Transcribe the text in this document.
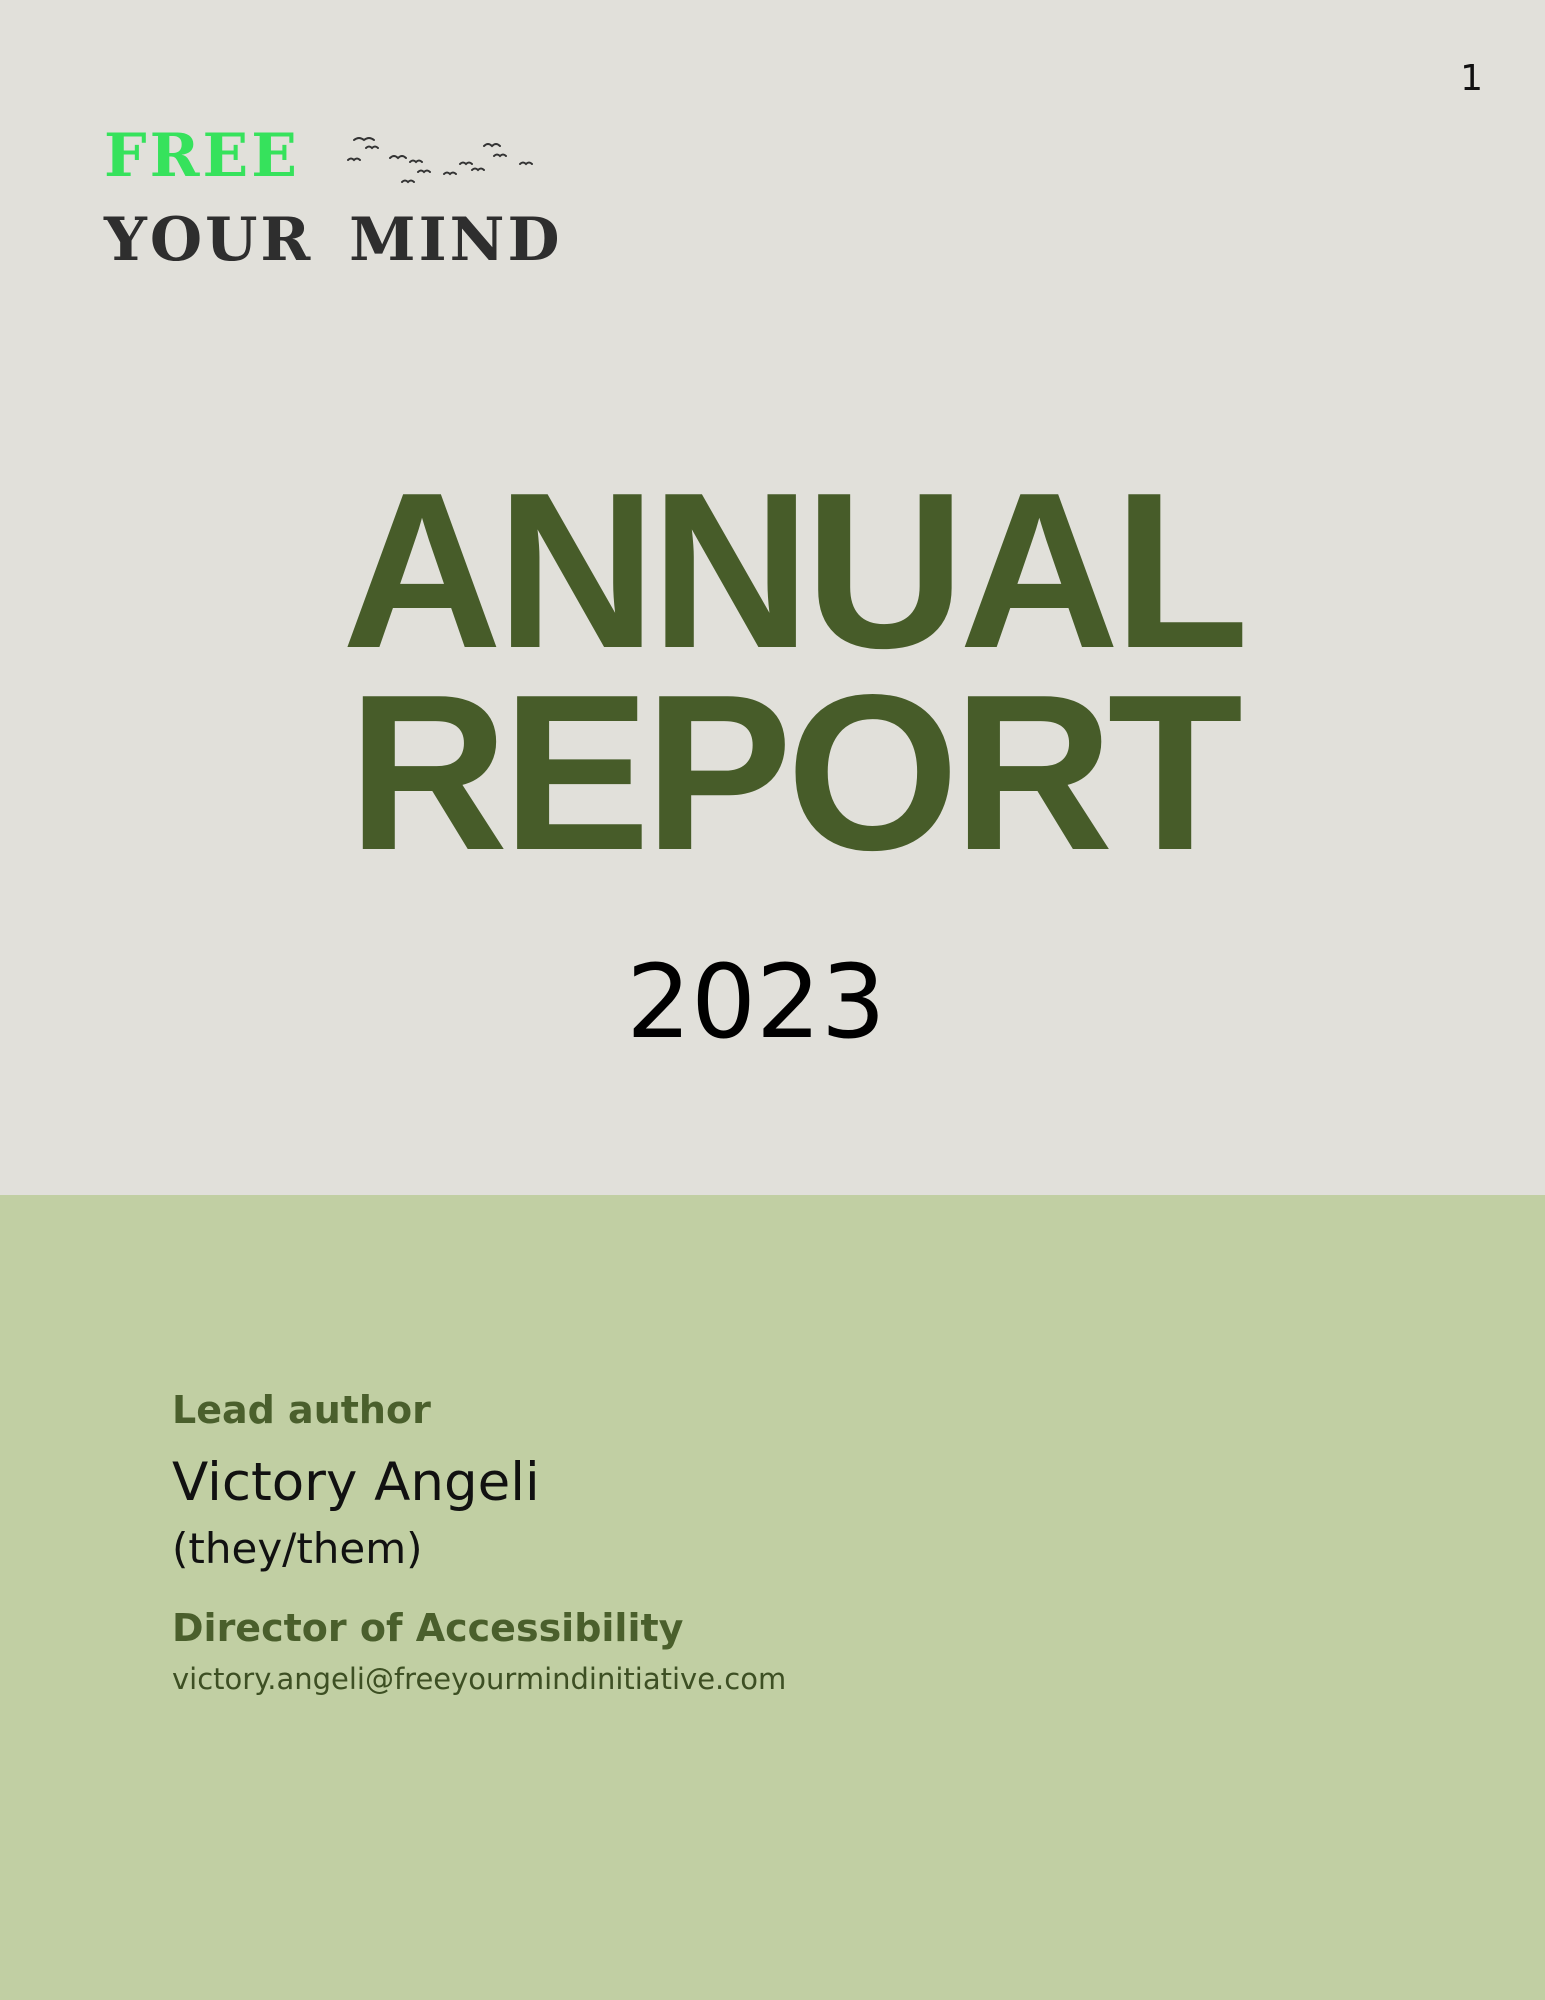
1
FREE
YOUR MIND
ANNUAL
REPORT
2023
Lead author
Victory Angeli
(they/them)
Director of Accessibility
victory.angeli@freeyourmindinitiative.com
